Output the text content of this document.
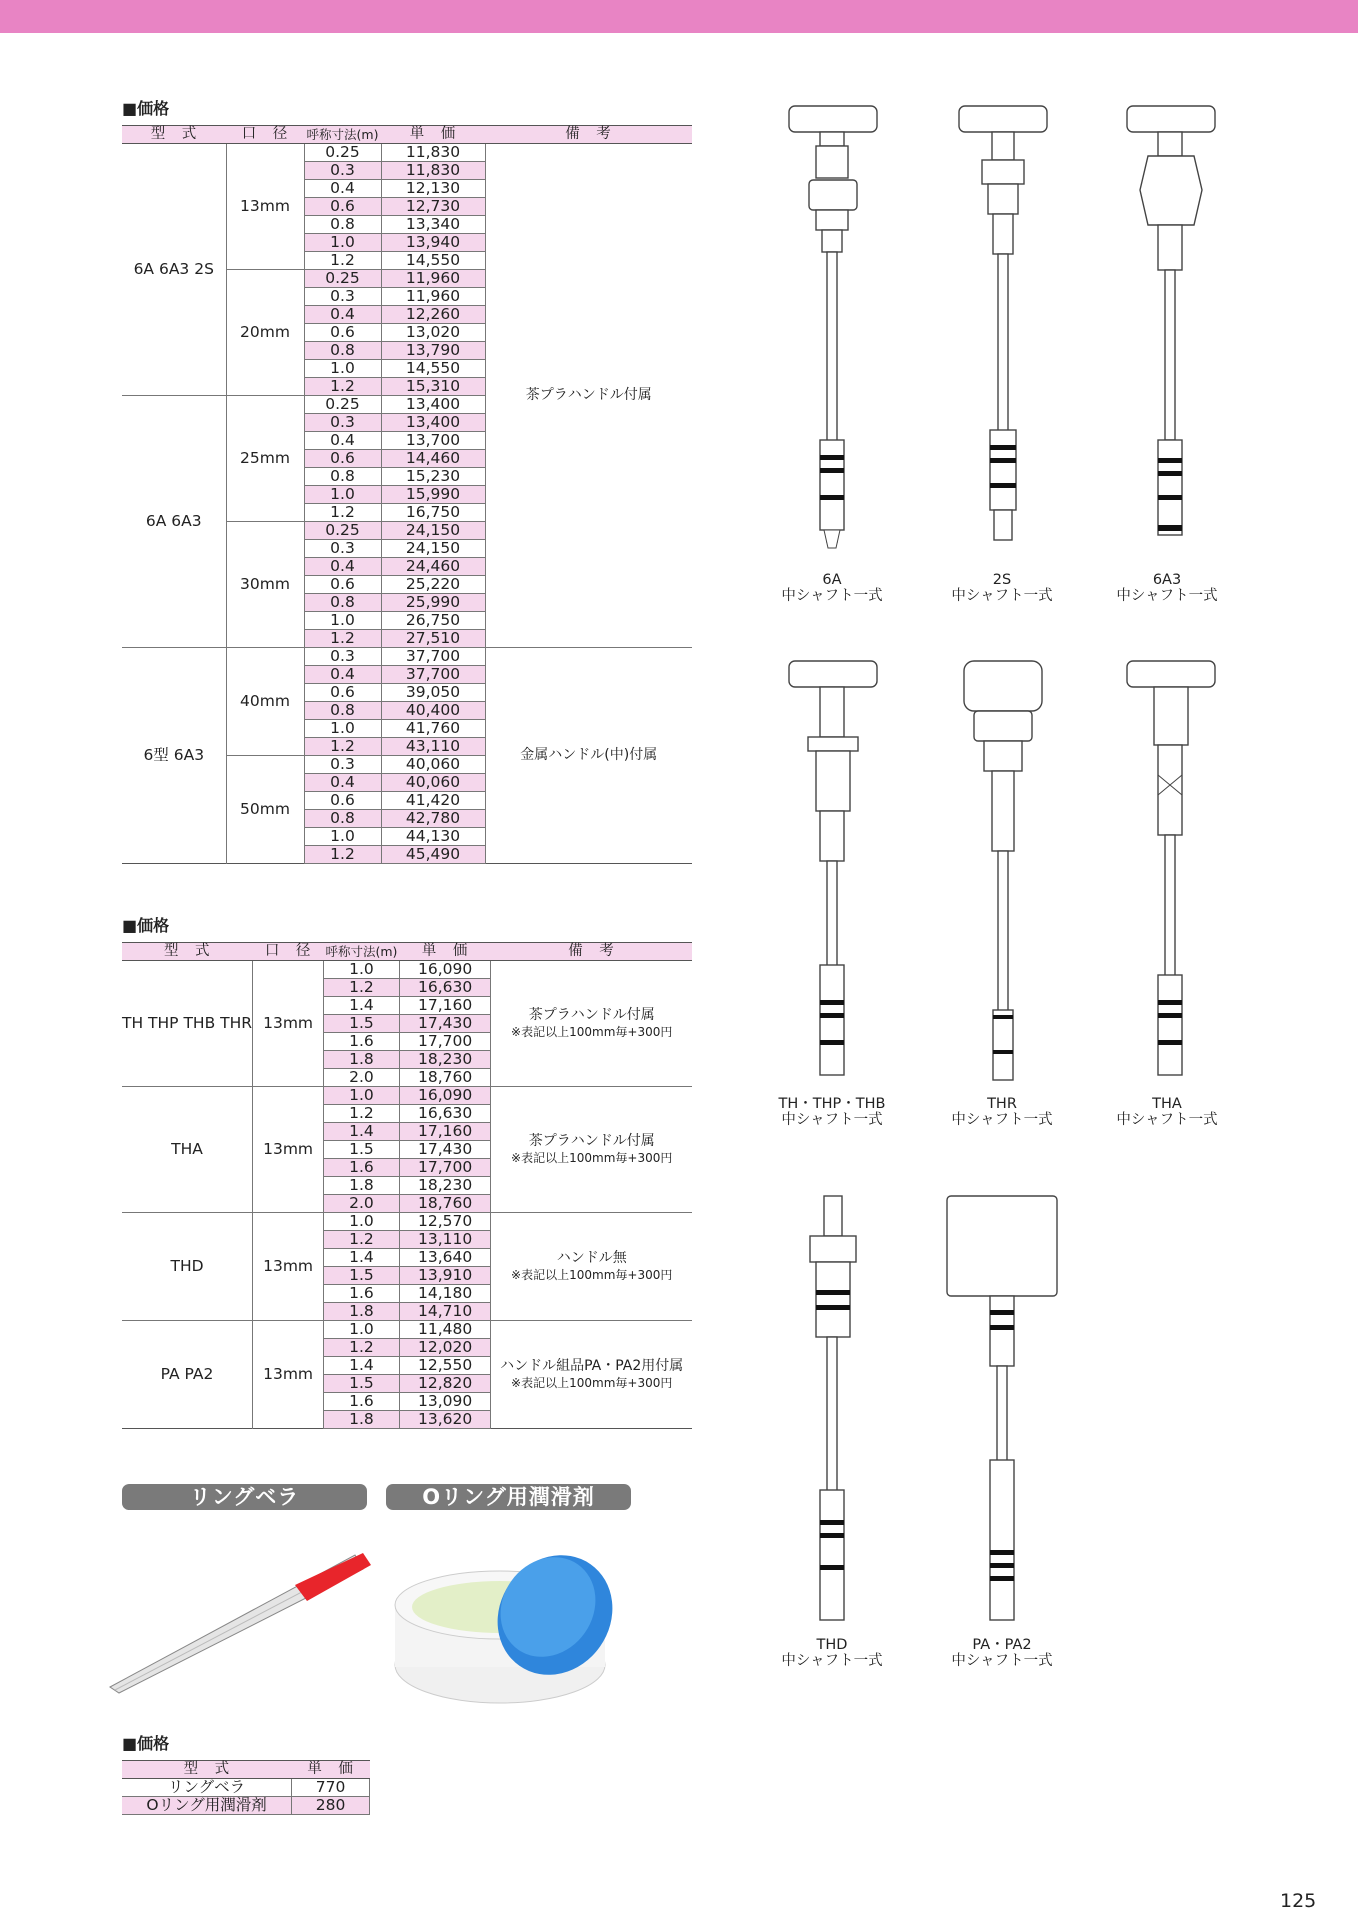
■価格
型　式	口　径	呼称寸法(m)	単　価	備　考
6A 6A3 2S	13mm	0.25	11,830	茶プラハンドル付属
		0.3	11,830	
		0.4	12,130	
		0.6	12,730	
		0.8	13,340	
		1.0	13,940	
		1.2	14,550	
	20mm	0.25	11,960	
		0.3	11,960	
		0.4	12,260	
		0.6	13,020	
		0.8	13,790	
		1.0	14,550	
		1.2	15,310	
6A 6A3	25mm	0.25	13,400	
		0.3	13,400	
		0.4	13,700	
		0.6	14,460	
		0.8	15,230	
		1.0	15,990	
		1.2	16,750	
	30mm	0.25	24,150	
		0.3	24,150	
		0.4	24,460	
		0.6	25,220	
		0.8	25,990	
		1.0	26,750	
		1.2	27,510	
6型 6A3	40mm	0.3	37,700	金属ハンドル(中)付属
		0.4	37,700	
		0.6	39,050	
		0.8	40,400	
		1.0	41,760	
		1.2	43,110	
	50mm	0.3	40,060	
		0.4	40,060	
		0.6	41,420	
		0.8	42,780	
		1.0	44,130	
		1.2	45,490	
■価格
型　式	口　径	呼称寸法(m)	単　価	備　考
TH THP THB THR	13mm	1.0	16,090	茶プラハンドル付属
※表記以上100mm毎+300円

		1.2	16,630	
		1.4	17,160	
		1.5	17,430	
		1.6	17,700	
		1.8	18,230	
		2.0	18,760	
THA	13mm	1.0	16,090	茶プラハンドル付属
※表記以上100mm毎+300円

		1.2	16,630	
		1.4	17,160	
		1.5	17,430	
		1.6	17,700	
		1.8	18,230	
		2.0	18,760	
THD	13mm	1.0	12,570	ハンドル無
※表記以上100mm毎+300円

		1.2	13,110	
		1.4	13,640	
		1.5	13,910	
		1.6	14,180	
		1.8	14,710	
PA PA2	13mm	1.0	11,480	ハンドル組品PA・PA2用付属
※表記以上100mm毎+300円

		1.2	12,020	
		1.4	12,550	
		1.5	12,820	
		1.6	13,090	
		1.8	13,620	
リングベラ	Oリング用潤滑剤
■価格
型　式	単　価
リングベラ	770
Oリング用潤滑剤	280
6A
中シャフト一式
2S
中シャフト一式
6A3
中シャフト一式
TH・THP・THB
中シャフト一式
THR
中シャフト一式
THA
中シャフト一式
THD
中シャフト一式
PA・PA2
中シャフト一式
125
